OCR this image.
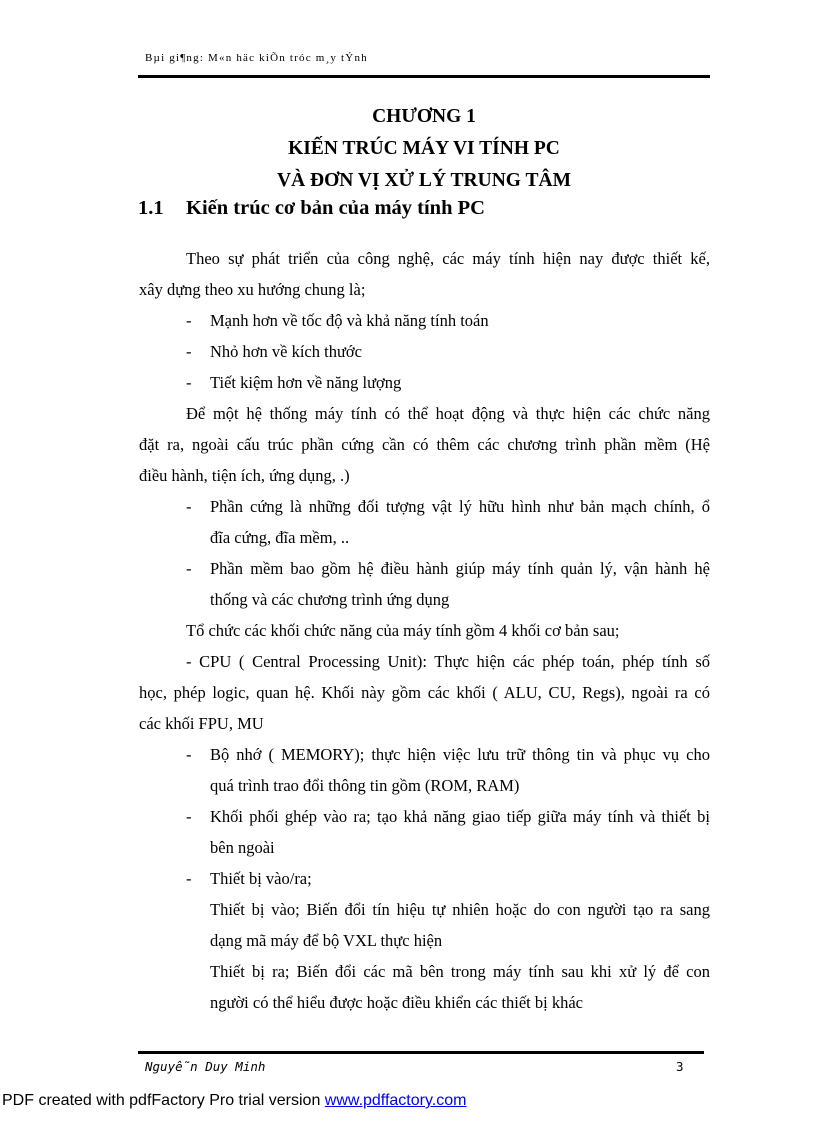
Bµi gi¶ng: M«n häc kiÕn tróc m¸y tÝnh
CHƯƠNG 1
KIẾN TRÚC MÁY VI TÍNH PC
VÀ ĐƠN VỊ XỬ LÝ TRUNG TÂM
1.1 Kiến trúc cơ bản của máy tính PC
Theo sự phát triển của công nghệ, các máy tính hiện nay được thiết kế,
xây dựng theo xu hướng chung là;
- Mạnh hơn về tốc độ và khả năng tính toán
- Nhỏ hơn về kích thước
- Tiết kiệm hơn về năng lượng
Để một hệ thống máy tính có thể hoạt động và thực hiện các chức năng
đặt ra, ngoài cấu trúc phần cứng cần có thêm các chương trình phần mềm (Hệ
điều hành, tiện ích, ứng dụng, .)
- Phần cứng là những đối tượng vật lý hữu hình như bản mạch chính, ổ
đĩa cứng, đĩa mềm, ..
- Phần mềm bao gồm hệ điều hành giúp máy tính quản lý, vận hành hệ
thống và các chương trình ứng dụng
Tổ chức các khối chức năng của máy tính gồm 4 khối cơ bản sau;
- CPU ( Central Processing Unit): Thực hiện các phép toán, phép tính số
học, phép logic, quan hệ. Khối này gồm các khối ( ALU, CU, Regs), ngoài ra có
các khối FPU, MU
- Bộ nhớ ( MEMORY); thực hiện việc lưu trữ thông tin và phục vụ cho
quá trình trao đổi thông tin gồm (ROM, RAM)
- Khối phối ghép vào ra; tạo khả năng giao tiếp giữa máy tính và thiết bị
bên ngoài
- Thiết bị vào/ra;
Thiết bị vào; Biến đổi tín hiệu tự nhiên hoặc do con người tạo ra sang
dạng mã máy để bộ VXL thực hiện
Thiết bị ra; Biến đổi các mã bên trong máy tính sau khi xử lý để con
người có thể hiểu được hoặc điều khiển các thiết bị khác
Nguyễn Duy Minh	3
PDF created with pdfFactory Pro trial version www.pdffactory.com
